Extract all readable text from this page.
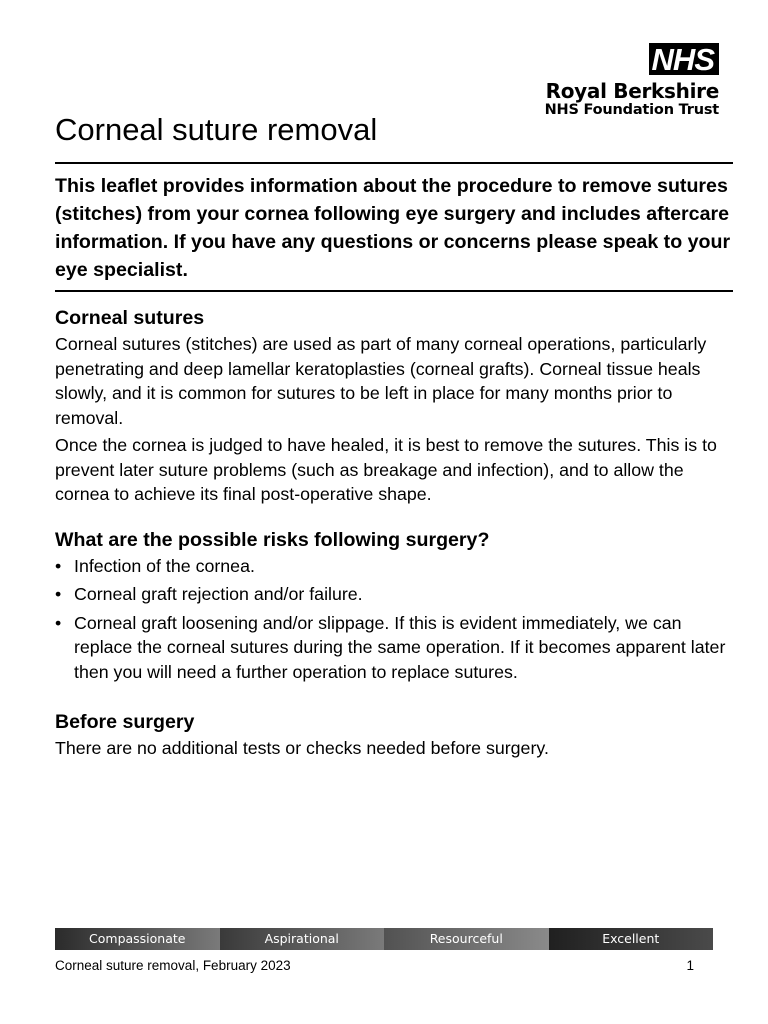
NHS
Royal Berkshire
NHS Foundation Trust
Corneal suture removal

This leaflet provides information about the procedure to remove sutures (stitches) from your cornea following eye surgery and includes aftercare information. If you have any questions or concerns please speak to your eye specialist.

Corneal sutures

Corneal sutures (stitches) are used as part of many corneal operations, particularly penetrating and deep lamellar keratoplasties (corneal grafts). Corneal tissue heals slowly, and it is common for sutures to be left in place for many months prior to removal.

Once the cornea is judged to have healed, it is best to remove the sutures. This is to prevent later suture problems (such as breakage and infection), and to allow the cornea to achieve its final post-operative shape.

What are the possible risks following surgery?
• Infection of the cornea.
• Corneal graft rejection and/or failure.
• Corneal graft loosening and/or slippage. If this is evident immediately, we can replace the corneal sutures during the same operation. If it becomes apparent later then you will need a further operation to replace sutures.
Before surgery

There are no additional tests or checks needed before surgery.

Compassionate	Aspirational	Resourceful	Excellent
Corneal suture removal, February 2023	1
